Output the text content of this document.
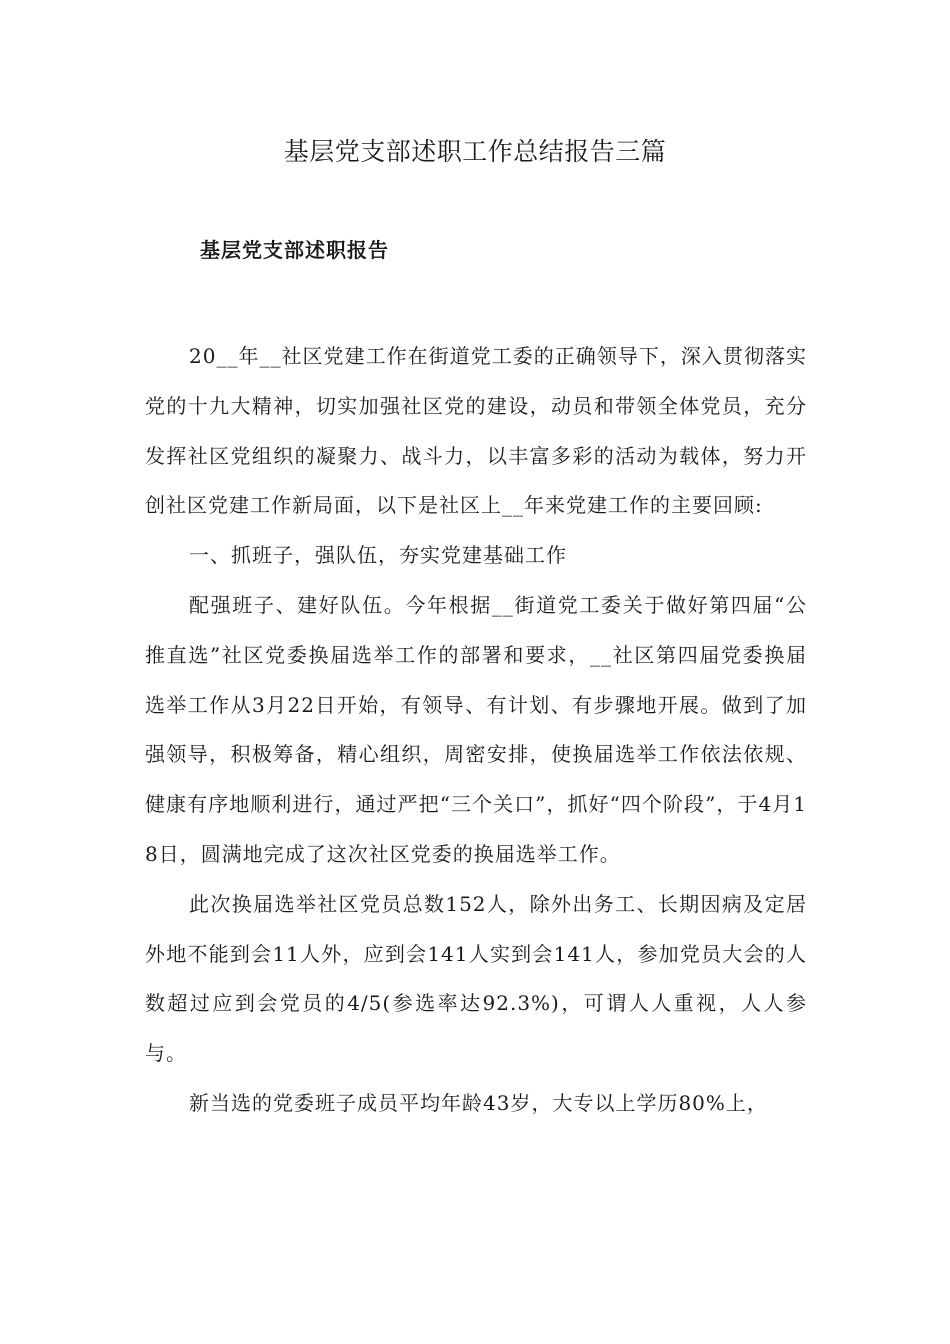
基层党支部述职工作总结报告三篇
基层党支部述职报告

20__年__社区党建工作在街道党工委的正确领导下，深入贯彻落实党的十九大精神，切实加强社区党的建设，动员和带领全体党员，充分发挥社区党组织的凝聚力、战斗力，以丰富多彩的活动为载体，努力开创社区党建工作新局面，以下是社区上__年来党建工作的主要回顾:

一、抓班子，强队伍，夯实党建基础工作

配强班子、建好队伍。今年根据__街道党工委关于做好第四届“公推直选”社区党委换届选举工作的部署和要求，__社区第四届党委换届选举工作从3月22日开始，有领导、有计划、有步骤地开展。做到了加强领导，积极筹备，精心组织，周密安排，使换届选举工作依法依规、健康有序地顺利进行，通过严把“三个关口”，抓好“四个阶段”，于4月18日，圆满地完成了这次社区党委的换届选举工作。

此次换届选举社区党员总数152人，除外出务工、长期因病及定居外地不能到会11人外，应到会141人实到会141人，参加党员大会的人数超过应到会党员的4/5(参选率达92.3%)，可谓人人重视，人人参与。

新当选的党委班子成员平均年龄43岁，大专以上学历80%上，
